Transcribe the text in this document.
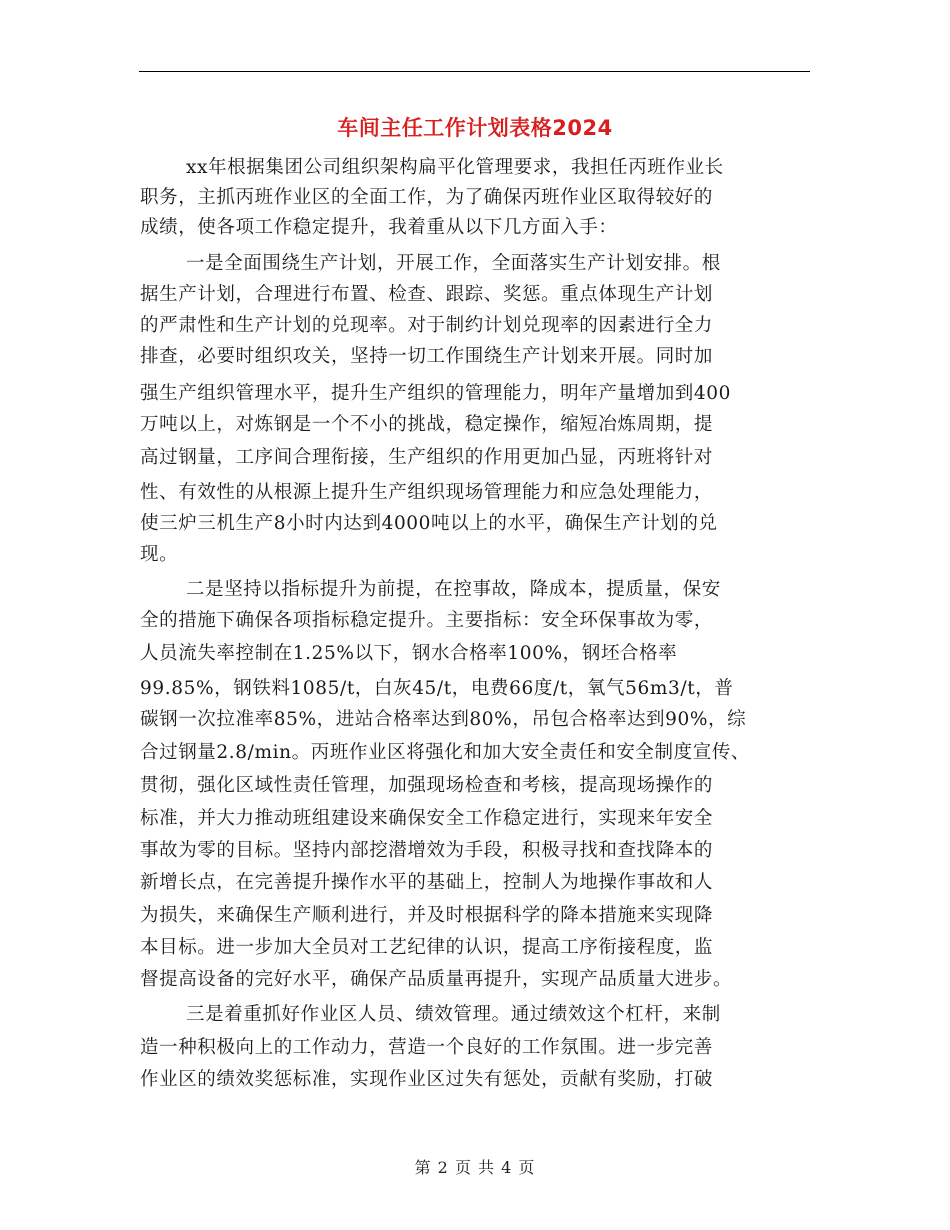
车间主任工作计划表格2024
xx年根据集团公司组织架构扁平化管理要求，我担任丙班作业长
职务，主抓丙班作业区的全面工作，为了确保丙班作业区取得较好的
成绩，使各项工作稳定提升，我着重从以下几方面入手：
一是全面围绕生产计划，开展工作，全面落实生产计划安排。根
据生产计划，合理进行布置、检查、跟踪、奖惩。重点体现生产计划
的严肃性和生产计划的兑现率。对于制约计划兑现率的因素进行全力
排查，必要时组织攻关，坚持一切工作围绕生产计划来开展。同时加
强生产组织管理水平，提升生产组织的管理能力，明年产量增加到400
万吨以上，对炼钢是一个不小的挑战，稳定操作，缩短冶炼周期，提
高过钢量，工序间合理衔接，生产组织的作用更加凸显，丙班将针对
性、有效性的从根源上提升生产组织现场管理能力和应急处理能力，
使三炉三机生产8小时内达到4000吨以上的水平，确保生产计划的兑
现。
二是坚持以指标提升为前提，在控事故，降成本，提质量，保安
全的措施下确保各项指标稳定提升。主要指标：安全环保事故为零，
人员流失率控制在1.25%以下，钢水合格率100%，钢坯合格率
99.85%，钢铁料1085/t，白灰45/t，电费66度/t，氧气56m3/t，普
碳钢一次拉准率85%，进站合格率达到80%，吊包合格率达到90%，综
合过钢量2.8/min。丙班作业区将强化和加大安全责任和安全制度宣传、
贯彻，强化区域性责任管理，加强现场检查和考核，提高现场操作的
标准，并大力推动班组建设来确保安全工作稳定进行，实现来年安全
事故为零的目标。坚持内部挖潜增效为手段，积极寻找和查找降本的
新增长点，在完善提升操作水平的基础上，控制人为地操作事故和人
为损失，来确保生产顺利进行，并及时根据科学的降本措施来实现降
本目标。进一步加大全员对工艺纪律的认识，提高工序衔接程度，监
督提高设备的完好水平，确保产品质量再提升，实现产品质量大进步。
三是着重抓好作业区人员、绩效管理。通过绩效这个杠杆，来制
造一种积极向上的工作动力，营造一个良好的工作氛围。进一步完善
作业区的绩效奖惩标准，实现作业区过失有惩处，贡献有奖励，打破
第 2 页 共 4 页
